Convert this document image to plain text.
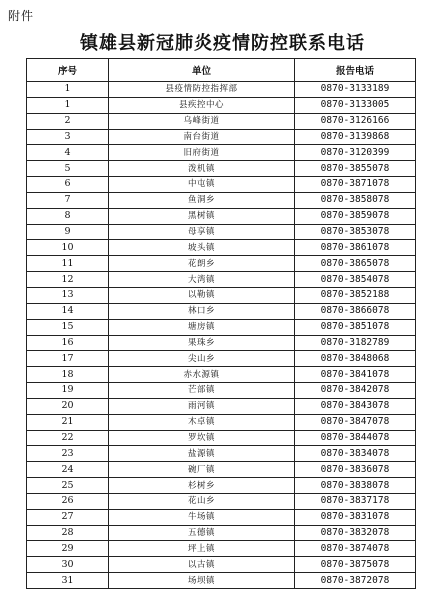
附件
镇雄县新冠肺炎疫情防控联系电话
序号	单位	报告电话
1	县疫情防控指挥部	0870-3133189
1	县疾控中心	0870-3133005
2	乌峰街道	0870-3126166
3	南台街道	0870-3139868
4	旧府街道	0870-3120399
5	泼机镇	0870-3855078
6	中屯镇	0870-3871078
7	鱼洞乡	0870-3858078
8	黑树镇	0870-3859078
9	母享镇	0870-3853078
10	坡头镇	0870-3861078
11	花朗乡	0870-3865078
12	大湾镇	0870-3854078
13	以勒镇	0870-3852188
14	林口乡	0870-3866078
15	塘房镇	0870-3851078
16	果珠乡	0870-3182789
17	尖山乡	0870-3848068
18	赤水源镇	0870-3841078
19	芒部镇	0870-3842078
20	雨河镇	0870-3843078
21	木卓镇	0870-3847078
22	罗坎镇	0870-3844078
23	盐源镇	0870-3834078
24	碗厂镇	0870-3836078
25	杉树乡	0870-3838078
26	花山乡	0870-3837178
27	牛场镇	0870-3831078
28	五德镇	0870-3832078
29	坪上镇	0870-3874078
30	以古镇	0870-3875078
31	场坝镇	0870-3872078
